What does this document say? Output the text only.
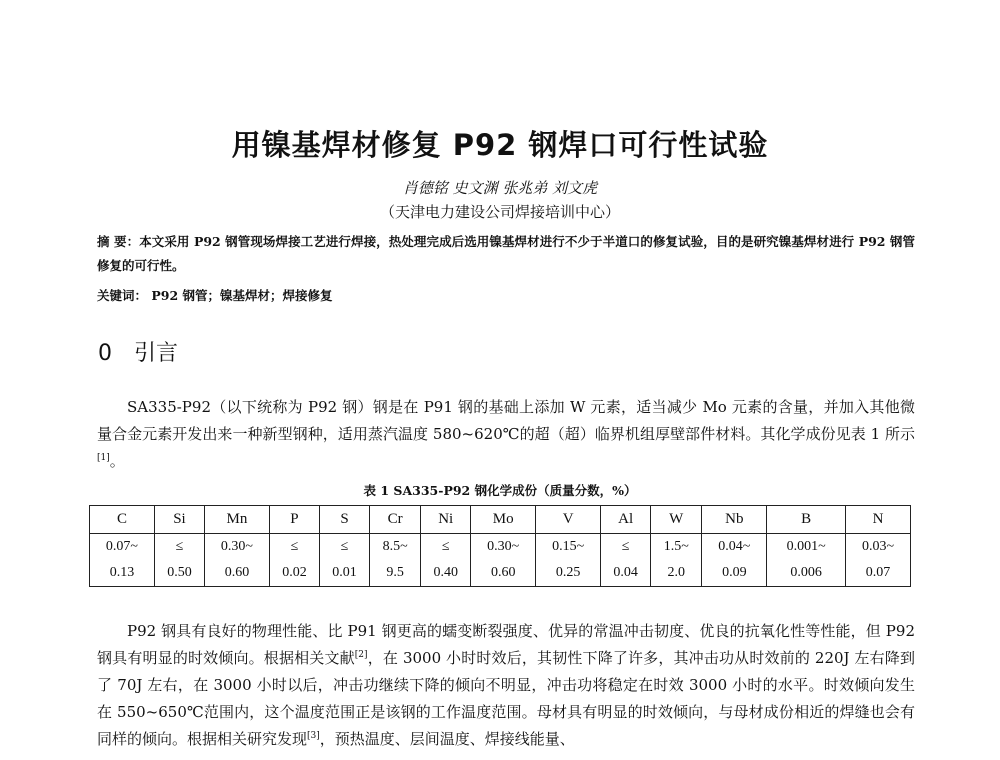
用镍基焊材修复 P92 钢焊口可行性试验
肖德铭 史文渊 张兆弟 刘文虎
（天津电力建设公司焊接培训中心）
摘 要：本文采用 P92 钢管现场焊接工艺进行焊接，热处理完成后选用镍基焊材进行不少于半道口的修复试验，目的是研究镍基焊材进行 P92 钢管修复的可行性。
关键词： P92 钢管；镍基焊材；焊接修复
0 引言
SA335-P92（以下统称为 P92 钢）钢是在 P91 钢的基础上添加 W 元素，适当减少 Mo 元素的含量，并加入其他微量合金元素开发出来一种新型钢种，适用蒸汽温度 580~620℃的超（超）临界机组厚壁部件材料。其化学成份见表 1 所示[1]。
表 1 SA335-P92 钢化学成份（质量分数，%）
C	Si	Mn	P	S	Cr	Ni	Mo	V	Al	W	Nb	B	N
0.07~	≤	0.30~	≤	≤	8.5~	≤	0.30~	0.15~	≤	1.5~	0.04~	0.001~	0.03~
0.13	0.50	0.60	0.02	0.01	9.5	0.40	0.60	0.25	0.04	2.0	0.09	0.006	0.07
P92 钢具有良好的物理性能、比 P91 钢更高的蠕变断裂强度、优异的常温冲击韧度、优良的抗氧化性等性能，但 P92 钢具有明显的时效倾向。根据相关文献[2]，在 3000 小时时效后，其韧性下降了许多，其冲击功从时效前的 220J 左右降到了 70J 左右，在 3000 小时以后，冲击功继续下降的倾向不明显，冲击功将稳定在时效 3000 小时的水平。时效倾向发生在 550~650℃范围内，这个温度范围正是该钢的工作温度范围。母材具有明显的时效倾向，与母材成份相近的焊缝也会有同样的倾向。根据相关研究发现[3]，预热温度、层间温度、焊接线能量、
